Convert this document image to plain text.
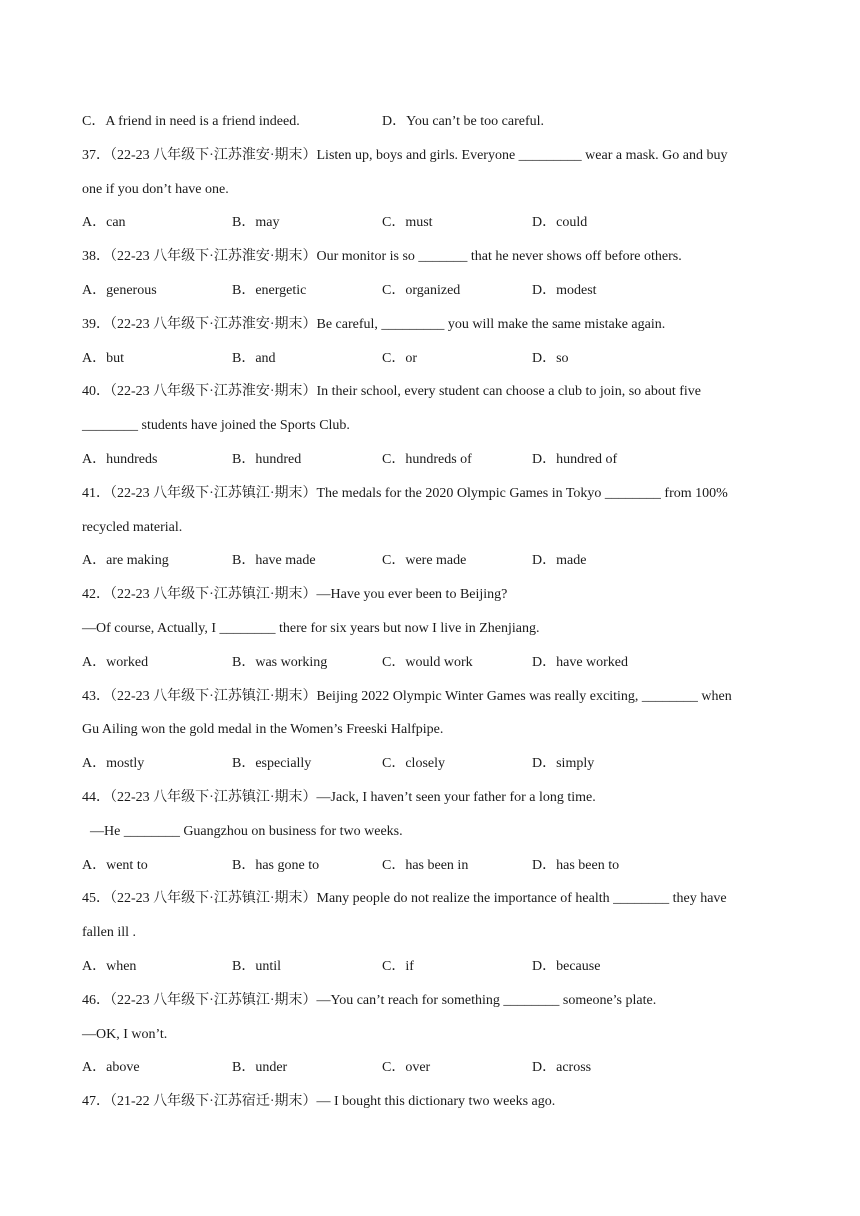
C．A friend in need is a friend indeed.	D．You can’t be too careful.
37．（22-23 八年级下·江苏淮安·期末）Listen up, boys and girls. Everyone _________ wear a mask. Go and buy
one if you don’t have one.
A．can	B．may	C．must	D．could
38．（22-23 八年级下·江苏淮安·期末）Our monitor is so _______ that he never shows off before others.
A．generous	B．energetic	C．organized	D．modest
39．（22-23 八年级下·江苏淮安·期末）Be careful, _________ you will make the same mistake again.
A．but	B．and	C．or	D．so
40．（22-23 八年级下·江苏淮安·期末）In their school, every student can choose a club to join, so about five
________ students have joined the Sports Club.
A．hundreds	B．hundred	C．hundreds of	D．hundred of
41．（22-23 八年级下·江苏镇江·期末）The medals for the 2020 Olympic Games in Tokyo ________ from 100%
recycled material.
A．are making	B．have made	C．were made	D．made
42．（22-23 八年级下·江苏镇江·期末）—Have you ever been to Beijing?
—Of course, Actually, I ________ there for six years but now I live in Zhenjiang.
A．worked	B．was working	C．would work	D．have worked
43．（22-23 八年级下·江苏镇江·期末）Beijing 2022 Olympic Winter Games was really exciting, ________ when
Gu Ailing won the gold medal in the Women’s Freeski Halfpipe.
A．mostly	B．especially	C．closely	D．simply
44．（22-23 八年级下·江苏镇江·期末）—Jack, I haven’t seen your father for a long time.
—He ________ Guangzhou on business for two weeks.
A．went to	B．has gone to	C．has been in	D．has been to
45．（22-23 八年级下·江苏镇江·期末）Many people do not realize the importance of health ________ they have
fallen ill .
A．when	B．until	C．if	D．because
46．（22-23 八年级下·江苏镇江·期末）—You can’t reach for something ________ someone’s plate.
—OK, I won’t.
A．above	B．under	C．over	D．across
47．（21-22 八年级下·江苏宿迁·期末）— I bought this dictionary two weeks ago.
